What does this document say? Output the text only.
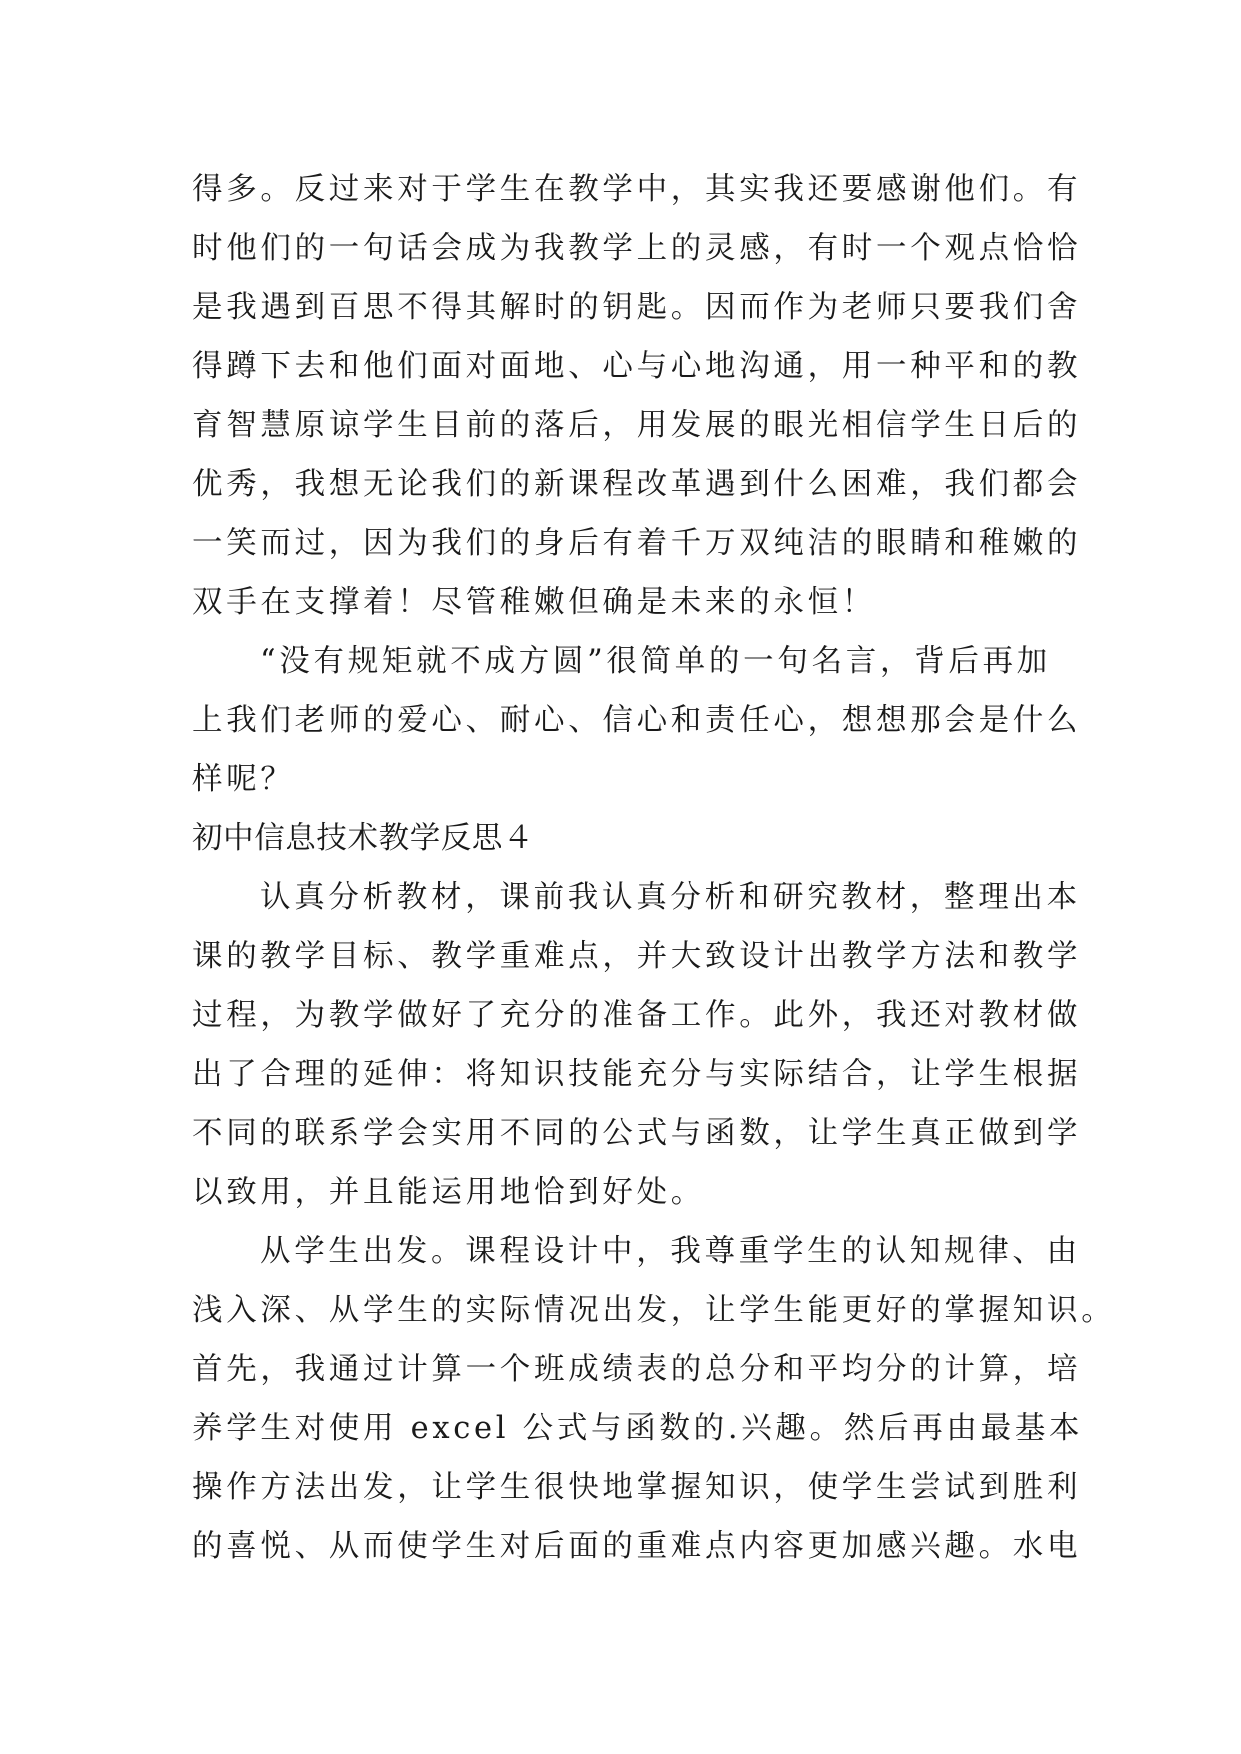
得多。反过来对于学生在教学中，其实我还要感谢他们。有
时他们的一句话会成为我教学上的灵感，有时一个观点恰恰
是我遇到百思不得其解时的钥匙。因而作为老师只要我们舍
得蹲下去和他们面对面地、心与心地沟通，用一种平和的教
育智慧原谅学生目前的落后，用发展的眼光相信学生日后的
优秀，我想无论我们的新课程改革遇到什么困难，我们都会
一笑而过，因为我们的身后有着千万双纯洁的眼睛和稚嫩的
双手在支撑着！尽管稚嫩但确是未来的永恒！
“没有规矩就不成方圆”很简单的一句名言，背后再加
上我们老师的爱心、耐心、信心和责任心，想想那会是什么
样呢？
初中信息技术教学反思４
认真分析教材，课前我认真分析和研究教材，整理出本
课的教学目标、教学重难点，并大致设计出教学方法和教学
过程，为教学做好了充分的准备工作。此外，我还对教材做
出了合理的延伸：将知识技能充分与实际结合，让学生根据
不同的联系学会实用不同的公式与函数，让学生真正做到学
以致用，并且能运用地恰到好处。
从学生出发。课程设计中，我尊重学生的认知规律、由
浅入深、从学生的实际情况出发，让学生能更好的掌握知识。
首先，我通过计算一个班成绩表的总分和平均分的计算，培
养学生对使用 excel 公式与函数的.兴趣。然后再由最基本
操作方法出发，让学生很快地掌握知识，使学生尝试到胜利
的喜悦、从而使学生对后面的重难点内容更加感兴趣。水电
